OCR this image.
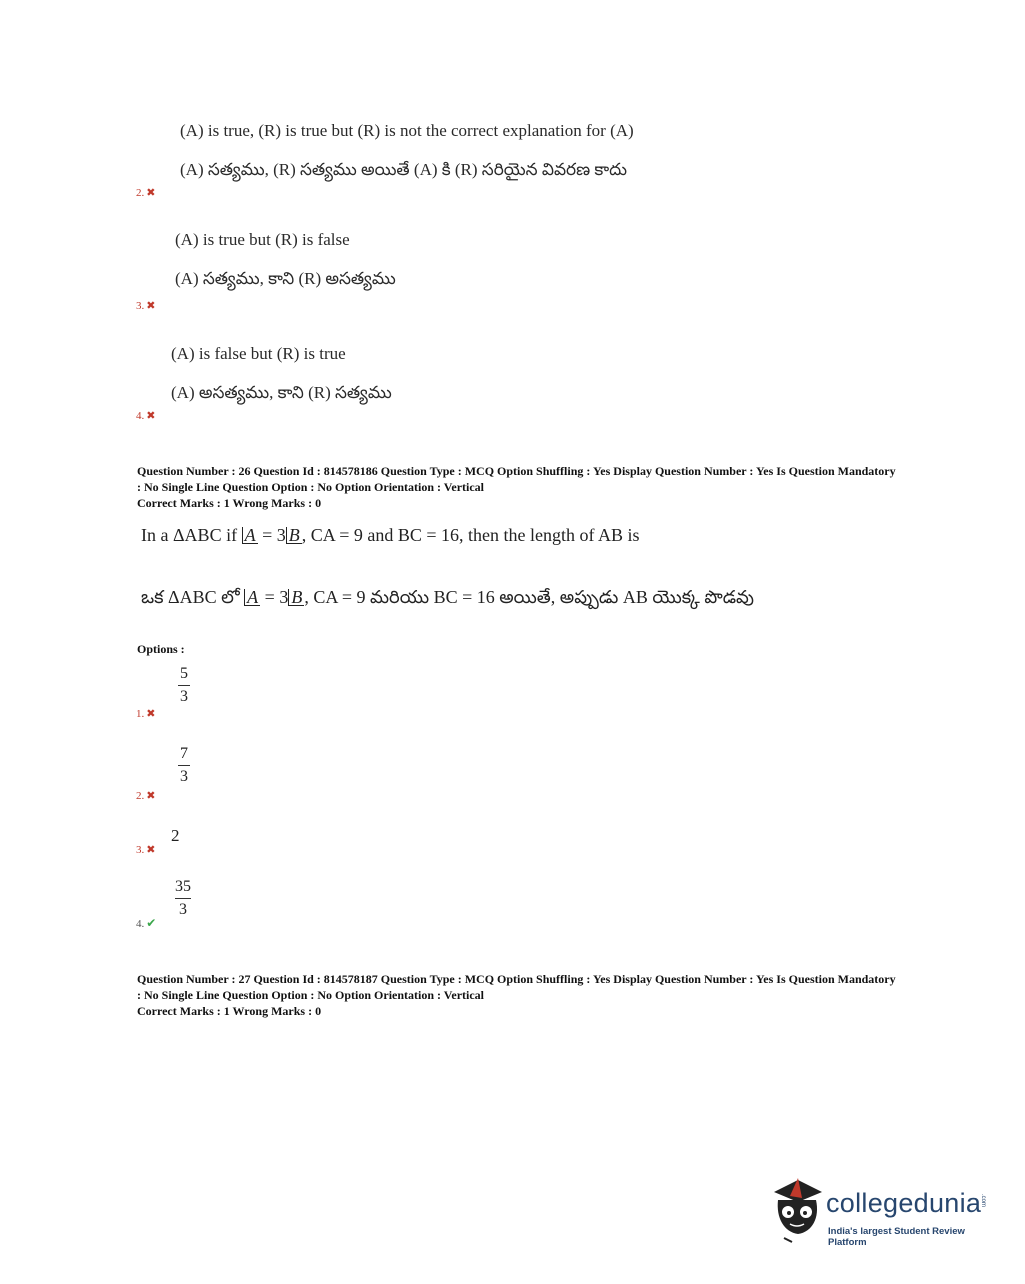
(A) is true, (R) is true but (R) is not the correct explanation for (A)
(A) సత్యము, (R) సత్యము అయితే (A) కి (R) సరియైన వివరణ కాదు
2. ✖
(A) is true but (R) is false
(A) సత్యము, కాని (R) అసత్యము
3. ✖
(A) is false but (R) is true
(A) అసత్యము, కాని (R) సత్యము
4. ✖
Question Number : 26 Question Id : 814578186 Question Type : MCQ Option Shuffling : Yes Display Question Number : Yes Is Question Mandatory : No Single Line Question Option : No Option Orientation : Vertical
Correct Marks : 1 Wrong Marks : 0
In a ΔABC if A = 3 B , CA = 9 and BC = 16, then the length of AB is
ఒక ΔABC లో A = 3 B , CA = 9 మరియు BC = 16 అయితే, అప్పుడు AB యొక్క పొడవు
Options :
5
3
1. ✖
7
3
2. ✖
2
3. ✖
35
3
4. ✔
Question Number : 27 Question Id : 814578187 Question Type : MCQ Option Shuffling : Yes Display Question Number : Yes Is Question Mandatory : No Single Line Question Option : No Option Orientation : Vertical
Correct Marks : 1 Wrong Marks : 0
collegedunia
.com
India's largest Student Review Platform
